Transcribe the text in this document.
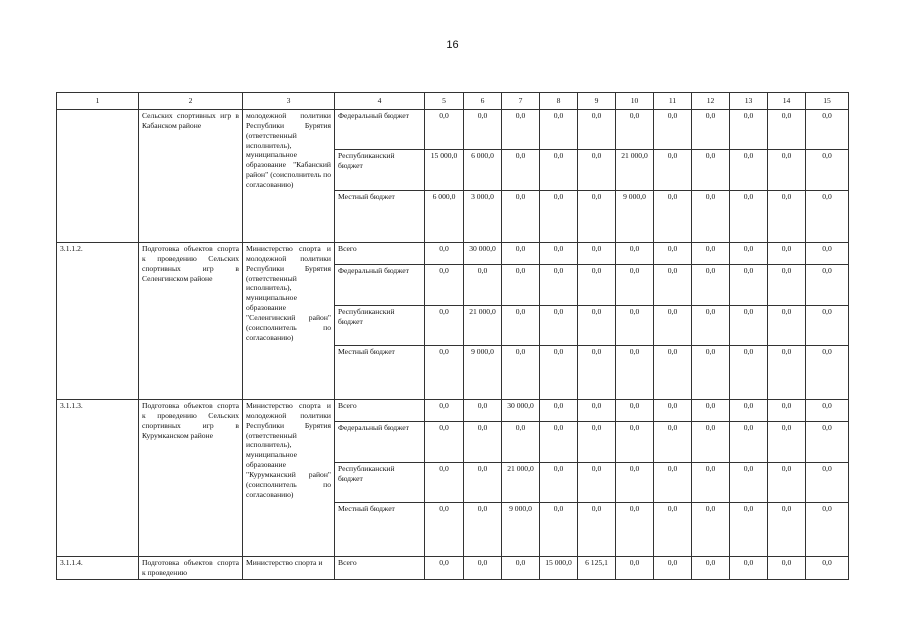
16
1	2	3	4	5	6	7	8	9	10	11	12	13	14	15
	Сельских спортивных игр в Кабанском районе	молодежной политики Республики Бурятия (ответственный исполнитель), муниципальное образование "Кабанский район" (соисполнитель по согласованию)	Федеральный бюджет	0,0	0,0	0,0	0,0	0,0	0,0	0,0	0,0	0,0	0,0	0,0
			Республиканский бюджет	15 000,0	6 000,0	0,0	0,0	0,0	21 000,0	0,0	0,0	0,0	0,0	0,0
			Местный бюджет	6 000,0	3 000,0	0,0	0,0	0,0	9 000,0	0,0	0,0	0,0	0,0	0,0
3.1.1.2.	Подготовка объектов спорта к проведению Сельских спортивных игр в Селенгинском районе	Министерство спорта и молодежной политики Республики Бурятия (ответственный исполнитель), муниципальное образование "Селенгинский район" (соисполнитель по согласованию)	Всего	0,0	30 000,0	0,0	0,0	0,0	0,0	0,0	0,0	0,0	0,0	0,0
			Федеральный бюджет	0,0	0,0	0,0	0,0	0,0	0,0	0,0	0,0	0,0	0,0	0,0
			Республиканский бюджет	0,0	21 000,0	0,0	0,0	0,0	0,0	0,0	0,0	0,0	0,0	0,0
			Местный бюджет	0,0	9 000,0	0,0	0,0	0,0	0,0	0,0	0,0	0,0	0,0	0,0
3.1.1.3.	Подготовка объектов спорта к проведению Сельских спортивных игр в Курумканском районе	Министерство спорта и молодежной политики Республики Бурятия (ответственный исполнитель), муниципальное образование "Курумканский район" (соисполнитель по согласованию)	Всего	0,0	0,0	30 000,0	0,0	0,0	0,0	0,0	0,0	0,0	0,0	0,0
			Федеральный бюджет	0,0	0,0	0,0	0,0	0,0	0,0	0,0	0,0	0,0	0,0	0,0
			Республиканский бюджет	0,0	0,0	21 000,0	0,0	0,0	0,0	0,0	0,0	0,0	0,0	0,0
			Местный бюджет	0,0	0,0	9 000,0	0,0	0,0	0,0	0,0	0,0	0,0	0,0	0,0
3.1.1.4.	Подготовка объектов спорта к проведению	Министерство спорта и	Всего	0,0	0,0	0,0	15 000,0	6 125,1	0,0	0,0	0,0	0,0	0,0	0,0
